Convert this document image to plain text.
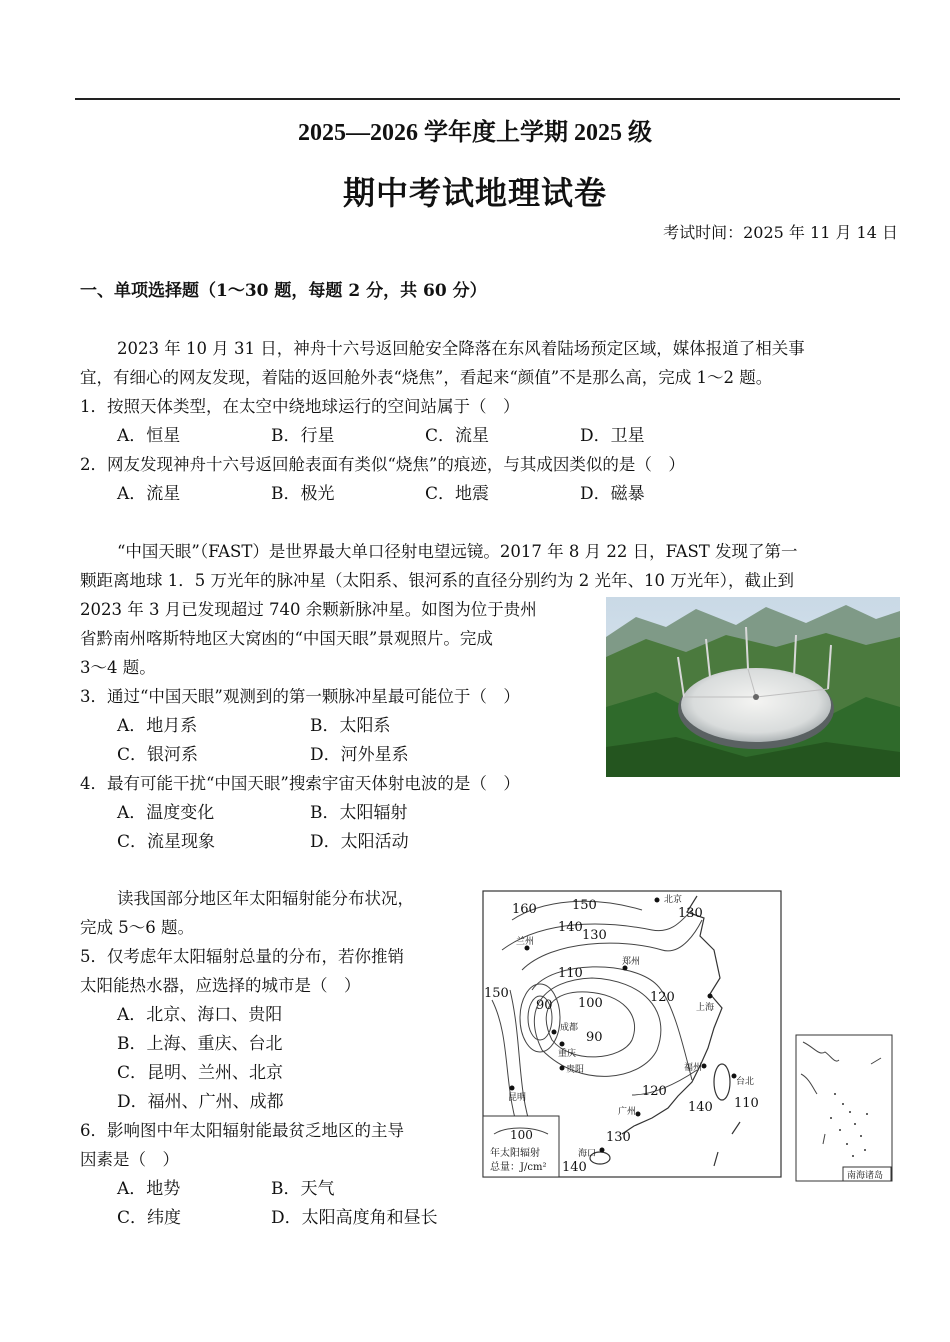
2025—2026 学年度上学期 2025 级
期中考试地理试卷
考试时间：2025 年 11 月 14 日
一、单项选择题（1～30 题，每题 2 分，共 60 分）
2023 年 10 月 31 日，神舟十六号返回舱安全降落在东风着陆场预定区域，媒体报道了相关事
宜，有细心的网友发现，着陆的返回舱外表“烧焦”，看起来“颜值”不是那么高，完成 1～2 题。
1．按照天体类型，在太空中绕地球运行的空间站属于（　）
A．恒星	B．行星	C．流星	D．卫星
2．网友发现神舟十六号返回舱表面有类似“烧焦”的痕迹，与其成因类似的是（　）
A．流星	B．极光	C．地震	D．磁暴
“中国天眼”（FAST）是世界最大单口径射电望远镜。2017 年 8 月 22 日，FAST 发现了第一
颗距离地球 1．5 万光年的脉冲星（太阳系、银河系的直径分别约为 2 光年、10 万光年），截止到
2023 年 3 月已发现超过 740 余颗新脉冲星。如图为位于贵州
省黔南州喀斯特地区大窝凼的“中国天眼”景观照片。完成
3～4 题。
3．通过“中国天眼”观测到的第一颗脉冲星最可能位于（　）
A．地月系	B．太阳系
C．银河系	D．河外星系
4．最有可能干扰“中国天眼”搜索宇宙天体射电波的是（　）
A．温度变化	B．太阳辐射
C．流星现象	D．太阳活动
读我国部分地区年太阳辐射能分布状况，
完成 5～6 题。
5．仅考虑年太阳辐射总量的分布，若你推销
太阳能热水器，应选择的城市是（　）
A．北京、海口、贵阳
B．上海、重庆、台北
C．昆明、兰州、北京
D．福州、广州、成都
6．影响图中年太阳辐射能最贫乏地区的主导
因素是（　）
A．地势	B．天气
C．纬度	D．太阳高度角和昼长
160	150
140
130
130
110
100
90
90
120
150
120
140 110
130
140
北京
兰州
郑州
成都
重庆
贵阳
上海
福州
台北
广州
昆明
海口
100
年太阳辐射
总量：J/cm²
南海诸岛
